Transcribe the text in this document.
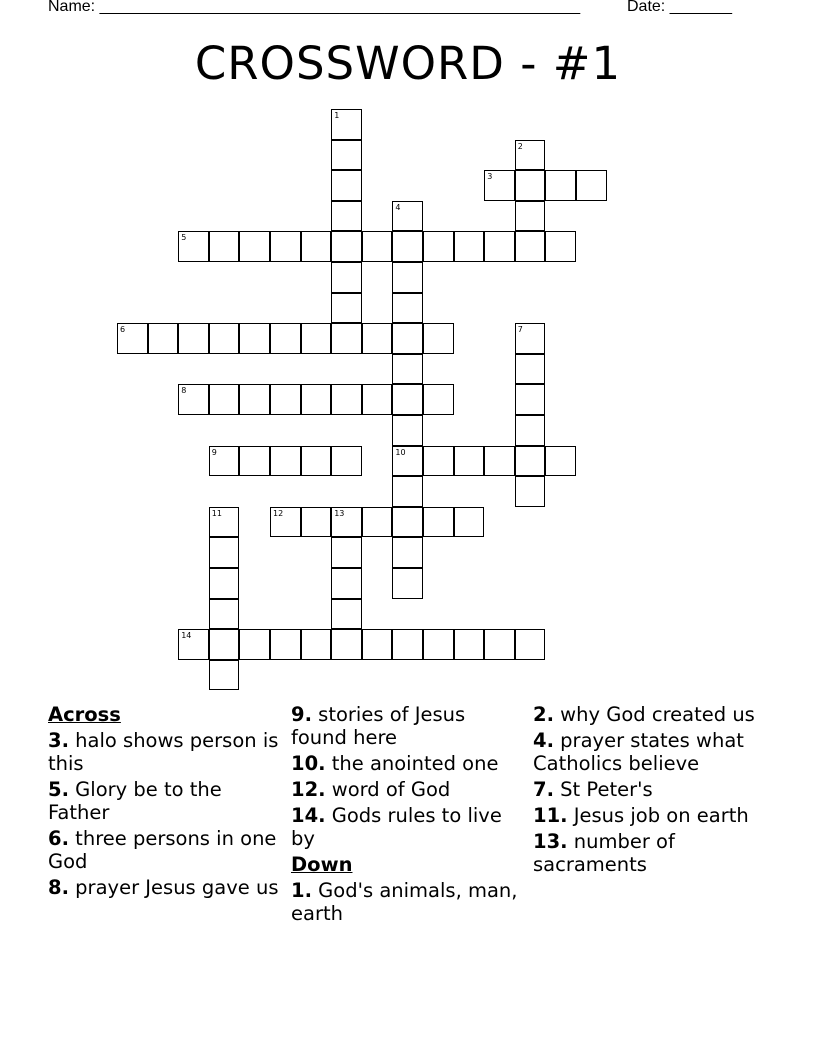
Name: ______________________________________________________	Date: _______
CROSSWORD - #1
1
2
3
4
5
6	7
8
9	10
11	12	13
14
Across
3. halo shows person is this
5. Glory be to the Father
6. three persons in one God
8. prayer Jesus gave us
9. stories of Jesus found here
10. the anointed one
12. word of God
14. Gods rules to live by
Down
1. God's animals, man, earth
2. why God created us
4. prayer states what Catholics believe
7. St Peter's
11. Jesus job on earth
13. number of sacraments
